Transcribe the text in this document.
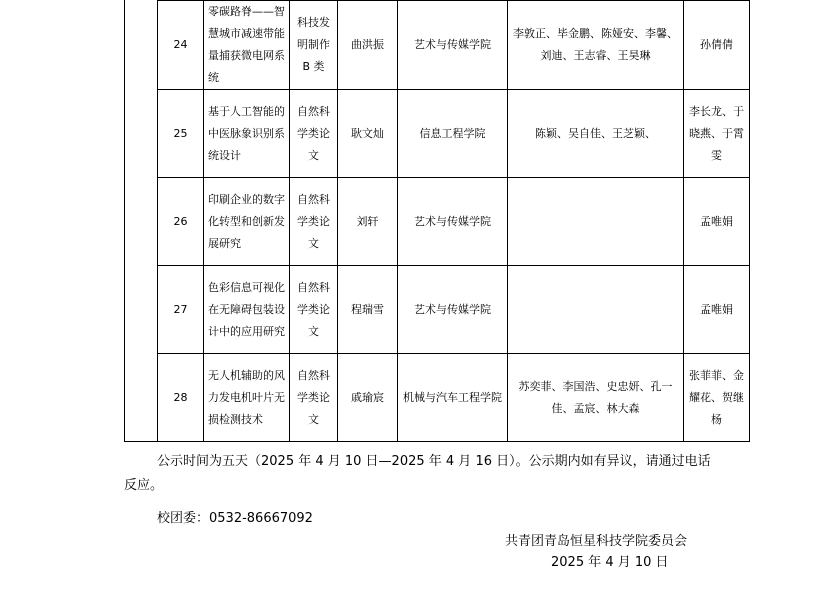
24	零碳路脊——智慧城市减速带能量捕获微电网系统	科技发明制作 B 类	曲洪振	艺术与传媒学院	李敦正、毕金鹏、陈娅安、李馨、刘迪、王志睿、王昊琳	孙倩倩
25	基于人工智能的中医脉象识别系统设计	自然科学类论文	耿文灿	信息工程学院	陈颖、吴自佳、王芝颖、	李长龙、于晓燕、于霄雯
26	印刷企业的数字化转型和创新发展研究	自然科学类论文	刘轩	艺术与传媒学院		孟唯娟
27	色彩信息可视化在无障碍包装设计中的应用研究	自然科学类论文	程瑞雪	艺术与传媒学院		孟唯娟
28	无人机辅助的风力发电机叶片无损检测技术	自然科学类论文	戚瑜宸	机械与汽车工程学院	苏奕菲、李国浩、史忠妍、孔一佳、孟宸、林大森	张菲菲、金耀花、贺继杨

公示时间为五天（2025 年 4 月 10 日—2025 年 4 月 16 日）。公示期内如有异议，请通过电话反应。

校团委：0532-86667092

共青团青岛恒星科技学院委员会
2025 年 4 月 10 日
